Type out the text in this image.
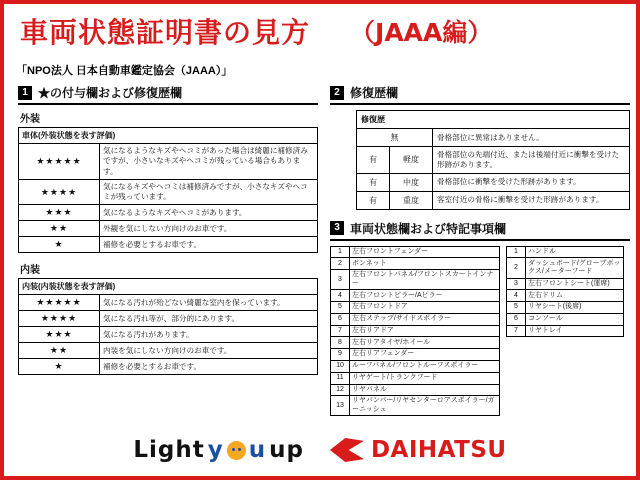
車両状態証明書の見方 （JAAA編）
「NPO法人 日本自動車鑑定協会（JAAA）」
1 ★の付与欄および修復歴欄
外装
車体(外装状態を表す評価)	
★★★★★	気になるようなキズやヘコミがあった場合は綺麗に補修済みですが、小さいなキズやヘコミが残っている場合もあります。
★★★★	気になるキズやヘコミは補修済みですが、小さなキズやヘコミが残っています。
★★★	気になるようなキズやヘコミがあります。
★★	外観を気にしない方向けのお車です。
★	補修を必要とするお車です。
内装
内装(内装状態を表す評価)	
★★★★★	気になる汚れが殆どない綺麗な室内を保っています。
★★★★	気になる汚れ等が、部分的にあります。
★★★	気になる汚れがあります。
★★	内装を気にしない方向けのお車です。
★	補修を必要とするお車です。
2 修復歴欄
修復歴		
無		骨格部位に異常はありません。
有	軽度	骨格部位の先端付近、または後端付近に衝撃を受けた形跡があります。
有	中度	骨格部位に衝撃を受けた形跡があります。
有	重度	客室付近の骨格に衝撃を受けた形跡があります。
3 車両状態欄および特記事項欄
1	左右フロントフェンダー
2	ボンネット
3	左右フロントパネル/フロントスカートインナー
4	左右フロントピラー/Aピラー
5	左右フロントドア
6	左右ステップ/サイドスポイラー
7	左右リアドア
8	左右リアタイヤ/ホイール
9	左右リアフェンダー
10	ルーフパネル/フロントルーフスポイラー
11	リヤゲート/トランクフード
12	リヤパネル
13	リヤバンパー/リヤセンターロアスポイラー/ガーニッシュ
1	ハンドル
2	ダッシュボード/グローブボックス/メーターフード
3	左右フロントシート(運席)
4	左右ドリム
5	リヤシート(後席)
6	コンソール
7	リヤトレイ
Light y u up	DAIHATSU
